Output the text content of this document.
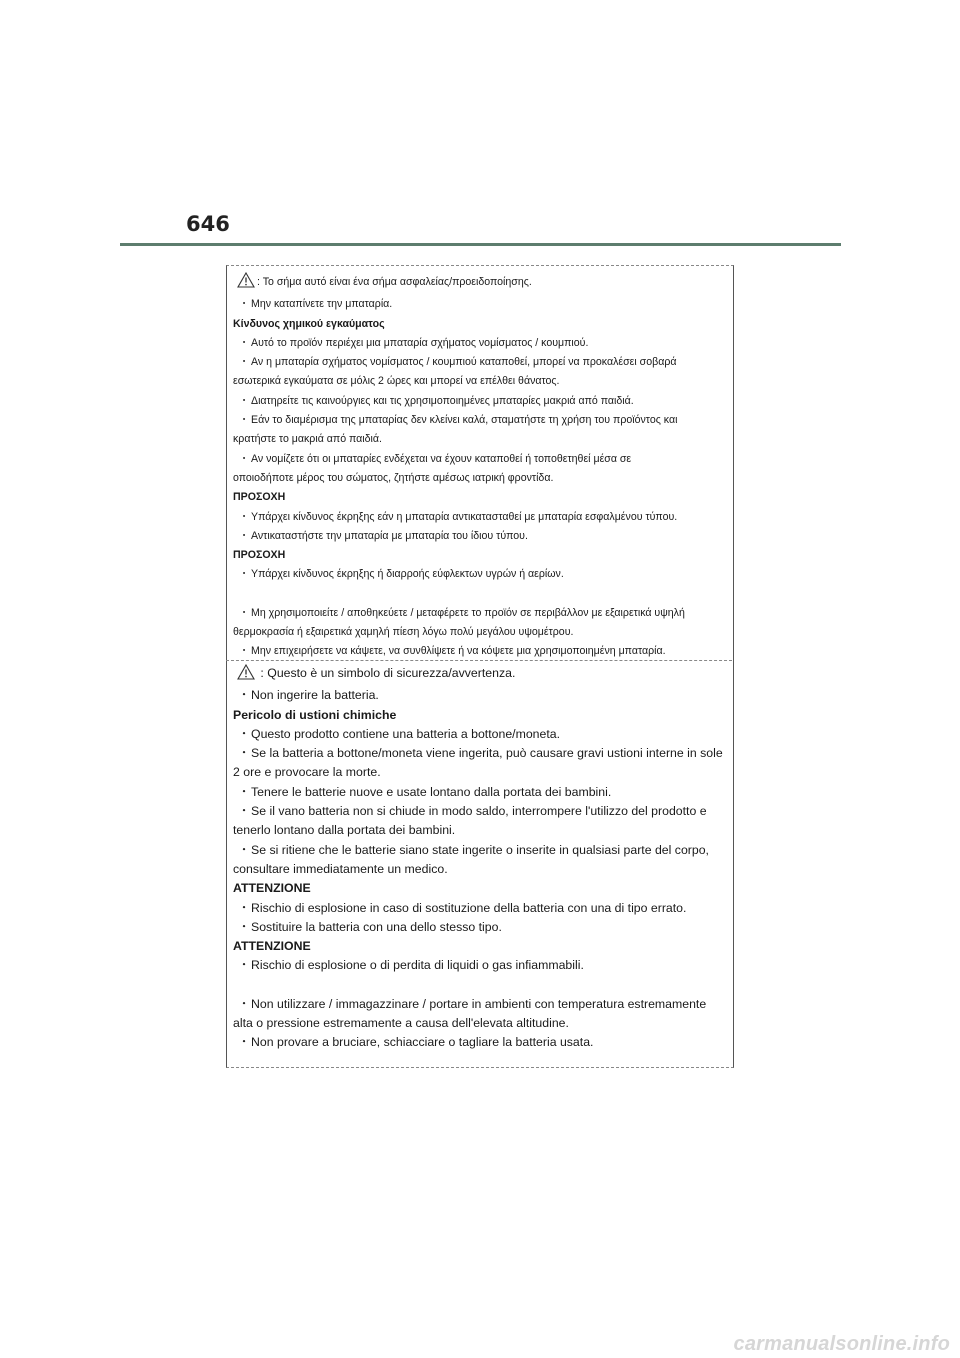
646
: Το σήμα αυτό είναι ένα σήμα ασφαλείας/προειδοποίησης.
・ Μην καταπίνετε την μπαταρία.
Κίνδυνος χημικού εγκαύματος
・ Αυτό το προϊόν περιέχει μια μπαταρία σχήματος νομίσματος / κουμπιού.
・ Αν η μπαταρία σχήματος νομίσματος / κουμπιού καταποθεί, μπορεί να προκαλέσει σοβαρά
εσωτερικά εγκαύματα σε μόλις 2 ώρες και μπορεί να επέλθει θάνατος.
・ Διατηρείτε τις καινούργιες και τις χρησιμοποιημένες μπαταρίες μακριά από παιδιά.
・ Εάν το διαμέρισμα της μπαταρίας δεν κλείνει καλά, σταματήστε τη χρήση του προϊόντος και
κρατήστε το μακριά από παιδιά.
・ Αν νομίζετε ότι οι μπαταρίες ενδέχεται να έχουν καταποθεί ή τοποθετηθεί μέσα σε
οποιοδήποτε μέρος του σώματος, ζητήστε αμέσως ιατρική φροντίδα.
ΠΡΟΣΟΧΗ
・ Υπάρχει κίνδυνος έκρηξης εάν η μπαταρία αντικατασταθεί με μπαταρία εσφαλμένου τύπου.
・ Αντικαταστήστε την μπαταρία με μπαταρία του ίδιου τύπου.
ΠΡΟΣΟΧΗ
・ Υπάρχει κίνδυνος έκρηξης ή διαρροής εύφλεκτων υγρών ή αερίων.
・ Μη χρησιμοποιείτε / αποθηκεύετε / μεταφέρετε το προϊόν σε περιβάλλον με εξαιρετικά υψηλή
θερμοκρασία ή εξαιρετικά χαμηλή πίεση λόγω πολύ μεγάλου υψομέτρου.
・ Μην επιχειρήσετε να κάψετε, να συνθλίψετε ή να κόψετε μια χρησιμοποιημένη μπαταρία.
: Questo è un simbolo di sicurezza/avvertenza.
・Non ingerire la batteria.
Pericolo di ustioni chimiche
・Questo prodotto contiene una batteria a bottone/moneta.
・Se la batteria a bottone/moneta viene ingerita, può causare gravi ustioni interne in sole
2 ore e provocare la morte.
・Tenere le batterie nuove e usate lontano dalla portata dei bambini.
・Se il vano batteria non si chiude in modo saldo, interrompere l'utilizzo del prodotto e
tenerlo lontano dalla portata dei bambini.
・Se si ritiene che le batterie siano state ingerite o inserite in qualsiasi parte del corpo,
consultare immediatamente un medico.
ATTENZIONE
・Rischio di esplosione in caso di sostituzione della batteria con una di tipo errato.
・Sostituire la batteria con una dello stesso tipo.
ATTENZIONE
・Rischio di esplosione o di perdita di liquidi o gas infiammabili.
・Non utilizzare / immagazzinare / portare in ambienti con temperatura estremamente
alta o pressione estremamente a causa dell'elevata altitudine.
・Non provare a bruciare, schiacciare o tagliare la batteria usata.
carmanualsonline.info
